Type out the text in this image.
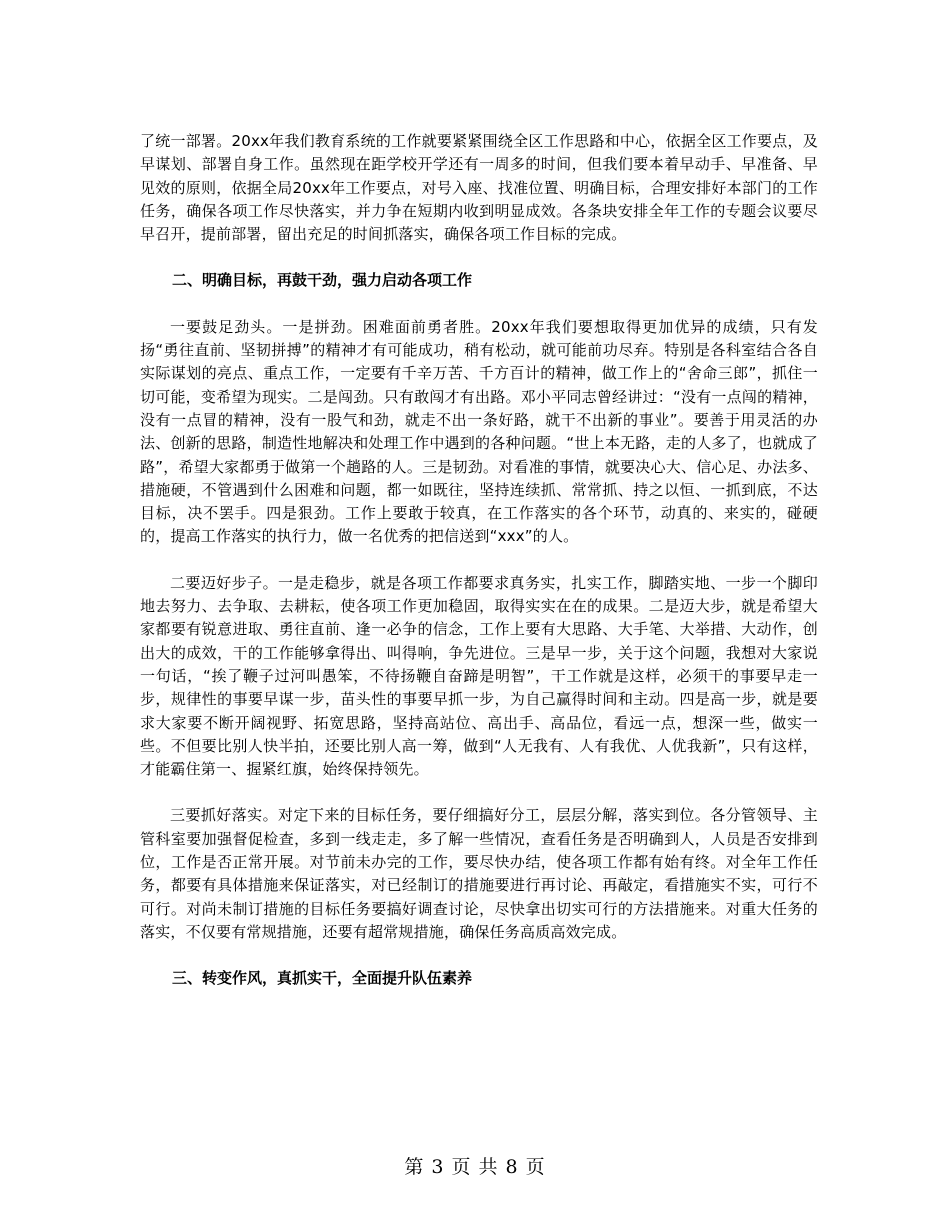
了统一部署。20xx年我们教育系统的工作就要紧紧围绕全区工作思路和中心，依据全区工作要点，及早谋划、部署自身工作。虽然现在距学校开学还有一周多的时间，但我们要本着早动手、早准备、早见效的原则，依据全局20xx年工作要点，对号入座、找准位置、明确目标，合理安排好本部门的工作任务，确保各项工作尽快落实，并力争在短期内收到明显成效。各条块安排全年工作的专题会议要尽早召开，提前部署，留出充足的时间抓落实，确保各项工作目标的完成。

二、明确目标，再鼓干劲，强力启动各项工作

一要鼓足劲头。一是拼劲。困难面前勇者胜。20xx年我们要想取得更加优异的成绩，只有发扬“勇往直前、坚韧拼搏”的精神才有可能成功，稍有松动，就可能前功尽弃。特别是各科室结合各自实际谋划的亮点、重点工作，一定要有千辛万苦、千方百计的精神，做工作上的“舍命三郎”，抓住一切可能，变希望为现实。二是闯劲。只有敢闯才有出路。邓小平同志曾经讲过：“没有一点闯的精神，没有一点冒的精神，没有一股气和劲，就走不出一条好路，就干不出新的事业”。要善于用灵活的办法、创新的思路，制造性地解决和处理工作中遇到的各种问题。“世上本无路，走的人多了，也就成了路”，希望大家都勇于做第一个趟路的人。三是韧劲。对看准的事情，就要决心大、信心足、办法多、措施硬，不管遇到什么困难和问题，都一如既往，坚持连续抓、常常抓、持之以恒、一抓到底，不达目标，决不罢手。四是狠劲。工作上要敢于较真，在工作落实的各个环节，动真的、来实的，碰硬的，提高工作落实的执行力，做一名优秀的把信送到“xxx”的人。

二要迈好步子。一是走稳步，就是各项工作都要求真务实，扎实工作，脚踏实地、一步一个脚印地去努力、去争取、去耕耘，使各项工作更加稳固，取得实实在在的成果。二是迈大步，就是希望大家都要有锐意进取、勇往直前、逢一必争的信念，工作上要有大思路、大手笔、大举措、大动作，创出大的成效，干的工作能够拿得出、叫得响，争先进位。三是早一步，关于这个问题，我想对大家说一句话，“挨了鞭子过河叫愚笨，不待扬鞭自奋蹄是明智”，干工作就是这样，必须干的事要早走一步，规律性的事要早谋一步，苗头性的事要早抓一步，为自己赢得时间和主动。四是高一步，就是要求大家要不断开阔视野、拓宽思路，坚持高站位、高出手、高品位，看远一点，想深一些，做实一些。不但要比别人快半拍，还要比别人高一筹，做到“人无我有、人有我优、人优我新”，只有这样，才能霸住第一、握紧红旗，始终保持领先。

三要抓好落实。对定下来的目标任务，要仔细搞好分工，层层分解，落实到位。各分管领导、主管科室要加强督促检查，多到一线走走，多了解一些情况，查看任务是否明确到人，人员是否安排到位，工作是否正常开展。对节前未办完的工作，要尽快办结，使各项工作都有始有终。对全年工作任务，都要有具体措施来保证落实，对已经制订的措施要进行再讨论、再敲定，看措施实不实，可行不可行。对尚未制订措施的目标任务要搞好调查讨论，尽快拿出切实可行的方法措施来。对重大任务的落实，不仅要有常规措施，还要有超常规措施，确保任务高质高效完成。

三、转变作风，真抓实干，全面提升队伍素养

第 3 页 共 8 页
